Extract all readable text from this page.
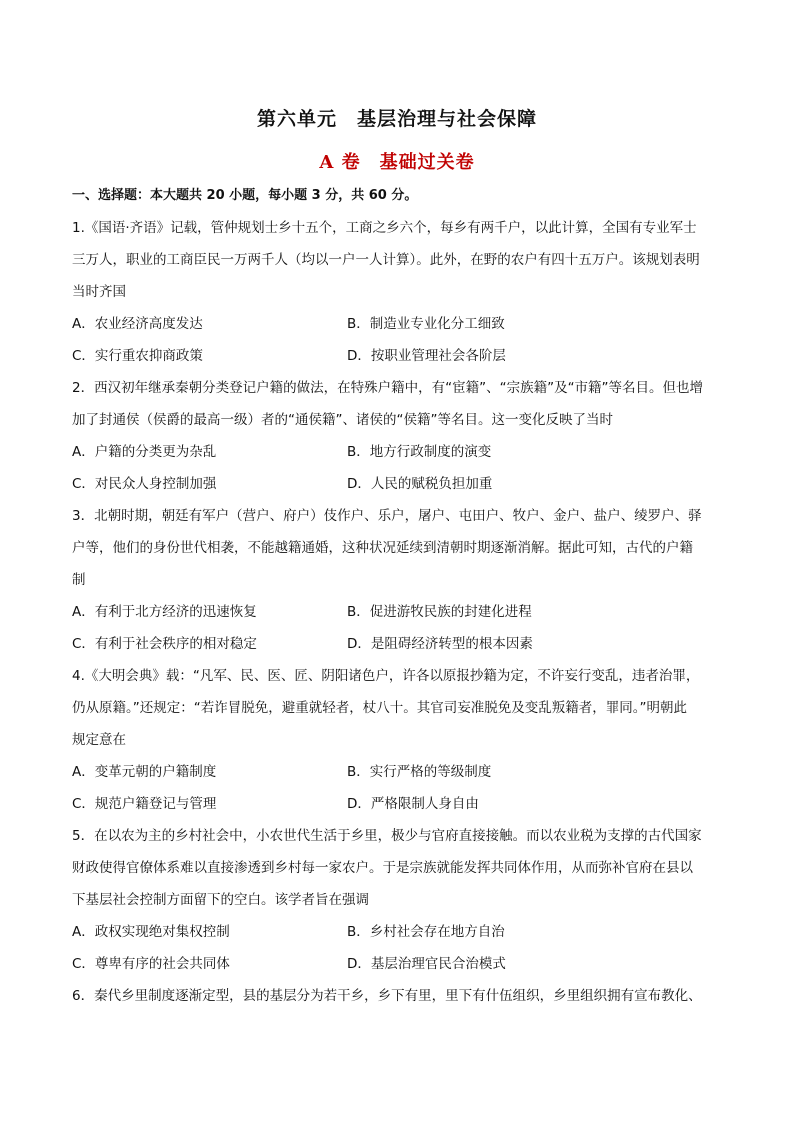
第六单元　基层治理与社会保障
A 卷　基础过关卷
一、选择题：本大题共 20 小题，每小题 3 分，共 60 分。
1.《国语·齐语》记载，管仲规划士乡十五个，工商之乡六个，每乡有两千户，以此计算，全国有专业军士
三万人，职业的工商臣民一万两千人（均以一户一人计算）。此外，在野的农户有四十五万户。该规划表明
当时齐国
A．农业经济高度发达	B．制造业专业化分工细致
C．实行重农抑商政策	D．按职业管理社会各阶层
2．西汉初年继承秦朝分类登记户籍的做法，在特殊户籍中，有“宦籍”、“宗族籍”及“市籍”等名目。但也增
加了封通侯（侯爵的最高一级）者的“通侯籍”、诸侯的“侯籍”等名目。这一变化反映了当时
A．户籍的分类更为杂乱	B．地方行政制度的演变
C．对民众人身控制加强	D．人民的赋税负担加重
3．北朝时期，朝廷有军户（营户、府户）伎作户、乐户，屠户、屯田户、牧户、金户、盐户、绫罗户、驿
户等，他们的身份世代相袭，不能越籍通婚，这种状况延续到清朝时期逐渐消解。据此可知，古代的户籍
制
A．有利于北方经济的迅速恢复	B．促进游牧民族的封建化进程
C．有利于社会秩序的相对稳定	D．是阻碍经济转型的根本因素
4.《大明会典》载：“凡军、民、医、匠、阴阳诸色户，许各以原报抄籍为定，不许妄行变乱，违者治罪，
仍从原籍。”还规定：“若诈冒脱免，避重就轻者，杖八十。其官司妄准脱免及变乱叛籍者，罪同。”明朝此
规定意在
A．变革元朝的户籍制度	B．实行严格的等级制度
C．规范户籍登记与管理	D．严格限制人身自由
5．在以农为主的乡村社会中，小农世代生活于乡里，极少与官府直接接触。而以农业税为支撑的古代国家
财政使得官僚体系难以直接渗透到乡村每一家农户。于是宗族就能发挥共同体作用，从而弥补官府在县以
下基层社会控制方面留下的空白。该学者旨在强调
A．政权实现绝对集权控制	B．乡村社会存在地方自治
C．尊卑有序的社会共同体	D．基层治理官民合治模式
6．秦代乡里制度逐渐定型，县的基层分为若干乡，乡下有里，里下有什伍组织，乡里组织拥有宣布教化、
